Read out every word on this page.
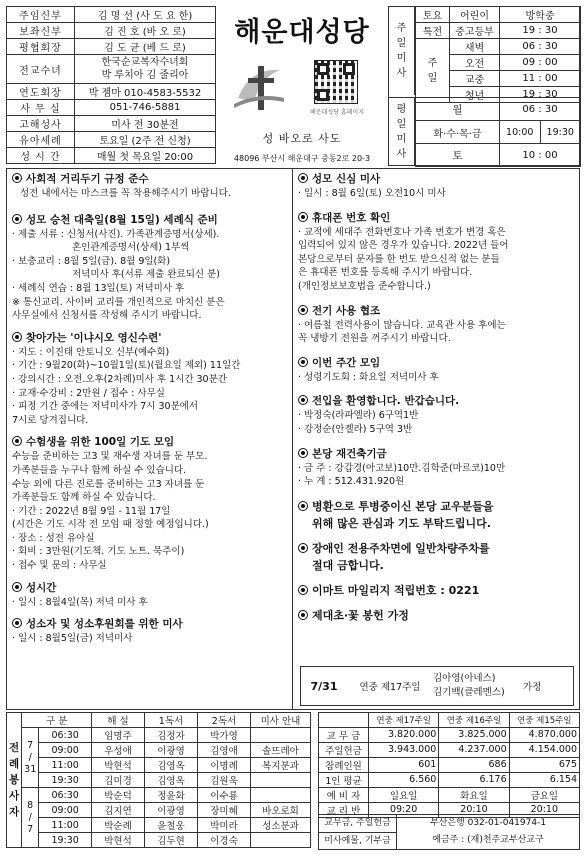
주임신부	김 명 선 (사 도 요 한)
보좌신부	김 진 호 (바 오 로)
평협회장	김 도 균 (베 드 로)
전교수녀	한국순교복자수녀회
박 루치아 김 줄리아

연도회장	박 젬마 010-4583-5532
사 무 실	051-746-5881
고해성사	미사 전 30분전
유아세례	토요일 (2주 전 신청)
성 시 간	매월 첫 목요일 20:00
해운대성당
해운대성당 홈페이지
성 바오로 사도
48096 부산시 해운대구 중동2로 20-3
주
일
미
사
토요	어린이	방학중
특전	중고등부	19 : 30

주
일	새벽	06 : 30
	오전	09 : 00
	교중	11 : 00
	청년	19 : 30
평
일
미
사
월	06 : 30	
화·수·목·금	10:00	19:30
토	10 : 00	
사회적 거리두기 규정 준수
성전 내에서는 마스크를 꼭 착용해주시기 바랍니다.
성모 승천 대축일(8월 15일) 세례식 준비
· 제출 서류 : 신청서(사진). 가족관계증명서(상세).
혼인관계증명서(상세) 1부씩
· 보충교리 : 8월 5일(금). 8월 9일(화)
저녁미사 후(서류 제출 완료되신 분)
· 세례식 연습 : 8월 13일(토) 저녁미사 후
※ 통신교리. 사이버 교리를 개인적으로 마치신 분은
사무실에서 신청서를 작성해 주시기 바랍니다.
찾아가는 '이냐시오 영신수련'
· 지도 : 이진태 안토니오 신부(예수회)
· 기간 : 9월20(화)~10월1일(토)(월요일 제외) 11일간
· 강의시간 : 오전.오후(2차례)미사 후 1시간 30분간
· 교재·수강비 : 2만원 / 접수 : 사무실
· 피정 기간 중에는 저녁미사가 7시 30분에서
7시로 당겨집니다.
수험생을 위한 100일 기도 모임
수능을 준비하는 고3 및 재수생 자녀를 둔 부모.
가족분들을 누구나 함께 하실 수 있습니다.
수능 외에 다른 진로를 준비하는 고3 자녀를 둔
가족분들도 함께 하실 수 있습니다.
· 기간 : 2022년 8월 9일 - 11월 17일
(시간은 기도 시작 전 모임 때 정할 예정입니다.)
· 장소 : 성전 유아실
· 회비 : 3만원(기도책. 기도 노트. 묵주이)
· 접수 및 문의 : 사무실
성시간
· 일시 : 8월4일(목) 저녁 미사 후
성소자 및 성소후원회를 위한 미사
· 일시 : 8월5일(금) 저녁미사
성모 신심 미사
· 일시 : 8월 6일(토) 오전10시 미사
휴대폰 번호 확인
· 교적에 세대주 전화번호나 가족 번호가 변경 혹은
입력되어 있지 않은 경우가 있습니다. 2022년 들어
본당으로부터 문자를 한 번도 받으신적 없는 분들
은 휴대폰 번호를 등록해 주시기 바랍니다.
(개인정보보호법을 준수합니다.)
전기 사용 협조
· 여름철 전력사용이 많습니다. 교육관 사용 후에는
꼭 냉방기 전원을 꺼주시기 바랍니다.
이번 주간 모임
· 성령기도회 : 화요일 저녁미사 후
전입을 환영합니다. 반갑습니다.
· 박정숙(라파엘라) 6구역1반
· 강정순(안젤라) 5구역 3반
본당 재건축기금
· 금 주 : 강갑경(아고보)10만.김학준(마르코)10만
· 누 계 : 512.431.920원
병환으로 투병중이신 본당 교우분들을
위해 많은 관심과 기도 부탁드립니다.
장애인 전용주차면에 일반차량주차를
절대 금합니다.
이마트 마일리지 적립번호 : 0221
제대초·꽃 봉헌 가정
7/31	연중 제17주일
김아영(아네스)
김기백(클레멘스)	가정
전
례
봉
사
자	구 분		해 설	1독서	2독서	미사 안내

	7
/
31	06:30	임명주	김정자	박가영	
		09:00	우성애	이광영	김영애	솔뜨레아
		11:00	박현석	김영옥	이명례	복지분과
		19:30	김미경	김영옥	김원욱	

	8
/
7	06:30	박순덕	정윤화	이수룡	
		09:00	김지연	이광영	장미혜	바오로회
		11:00	박순례	윤철웅	박미라	성소분과
		19:30	박현석	김두현	이경숙	
	연중 제17주일	연중 제16주일	연중 제15주일
교 무 금	3.820.000	3.825.000	4.870.000
주일헌금	3.943.000	4.237.000	4.154.000
참례인원	601	686	675
1인 평균	6.560	6.176	6.154
예 비 자	일요일	화요일	금요일
교 리 반	09:20	20:10	20:10
교무금, 주일헌금
미사예물, 기부금
부산은행 032-01-041974-1
예금주 : (재)천주교부산교구
